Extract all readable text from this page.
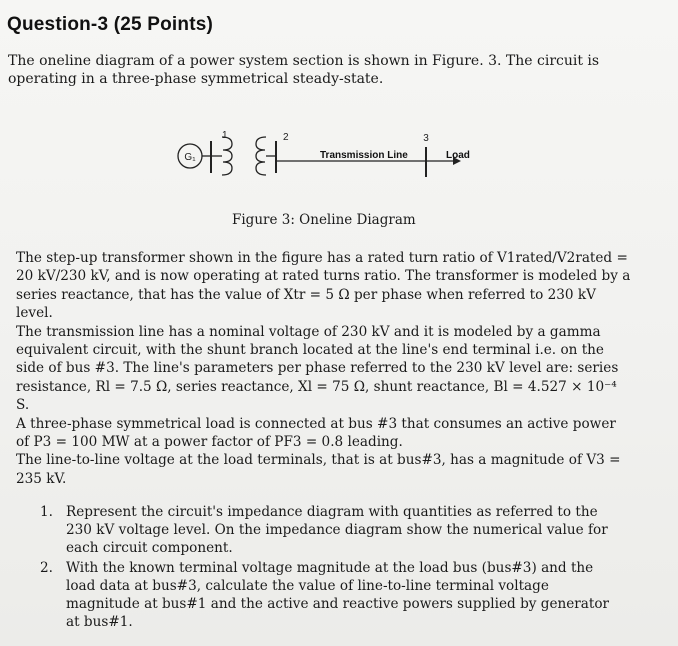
Question-3 (25 Points)

The oneline diagram of a power system section is shown in Figure. 3. The circuit is operating in a three-phase symmetrical steady-state.

G₁
1	2
Transmission Line
3
Load

Figure 3: Oneline Diagram

The step-up transformer shown in the figure has a rated turn ratio of V1rated/V2rated = 20 kV/230 kV, and is now operating at rated turns ratio. The transformer is modeled by a series reactance, that has the value of Xtr = 5 Ω per phase when referred to 230 kV level.

The transmission line has a nominal voltage of 230 kV and it is modeled by a gamma equivalent circuit, with the shunt branch located at the line's end terminal i.e. on the side of bus #3. The line's parameters per phase referred to the 230 kV level are: series resistance, Rl = 7.5 Ω, series reactance, Xl = 75 Ω, shunt reactance, Bl = 4.527 × 10⁻⁴ S.

A three-phase symmetrical load is connected at bus #3 that consumes an active power of P3 = 100 MW at a power factor of PF3 = 0.8 leading.

The line-to-line voltage at the load terminals, that is at bus#3, has a magnitude of V3 = 235 kV.

1. Represent the circuit's impedance diagram with quantities as referred to the 230 kV voltage level. On the impedance diagram show the numerical value for each circuit component.
2. With the known terminal voltage magnitude at the load bus (bus#3) and the load data at bus#3, calculate the value of line-to-line terminal voltage magnitude at bus#1 and the active and reactive powers supplied by generator at bus#1.
